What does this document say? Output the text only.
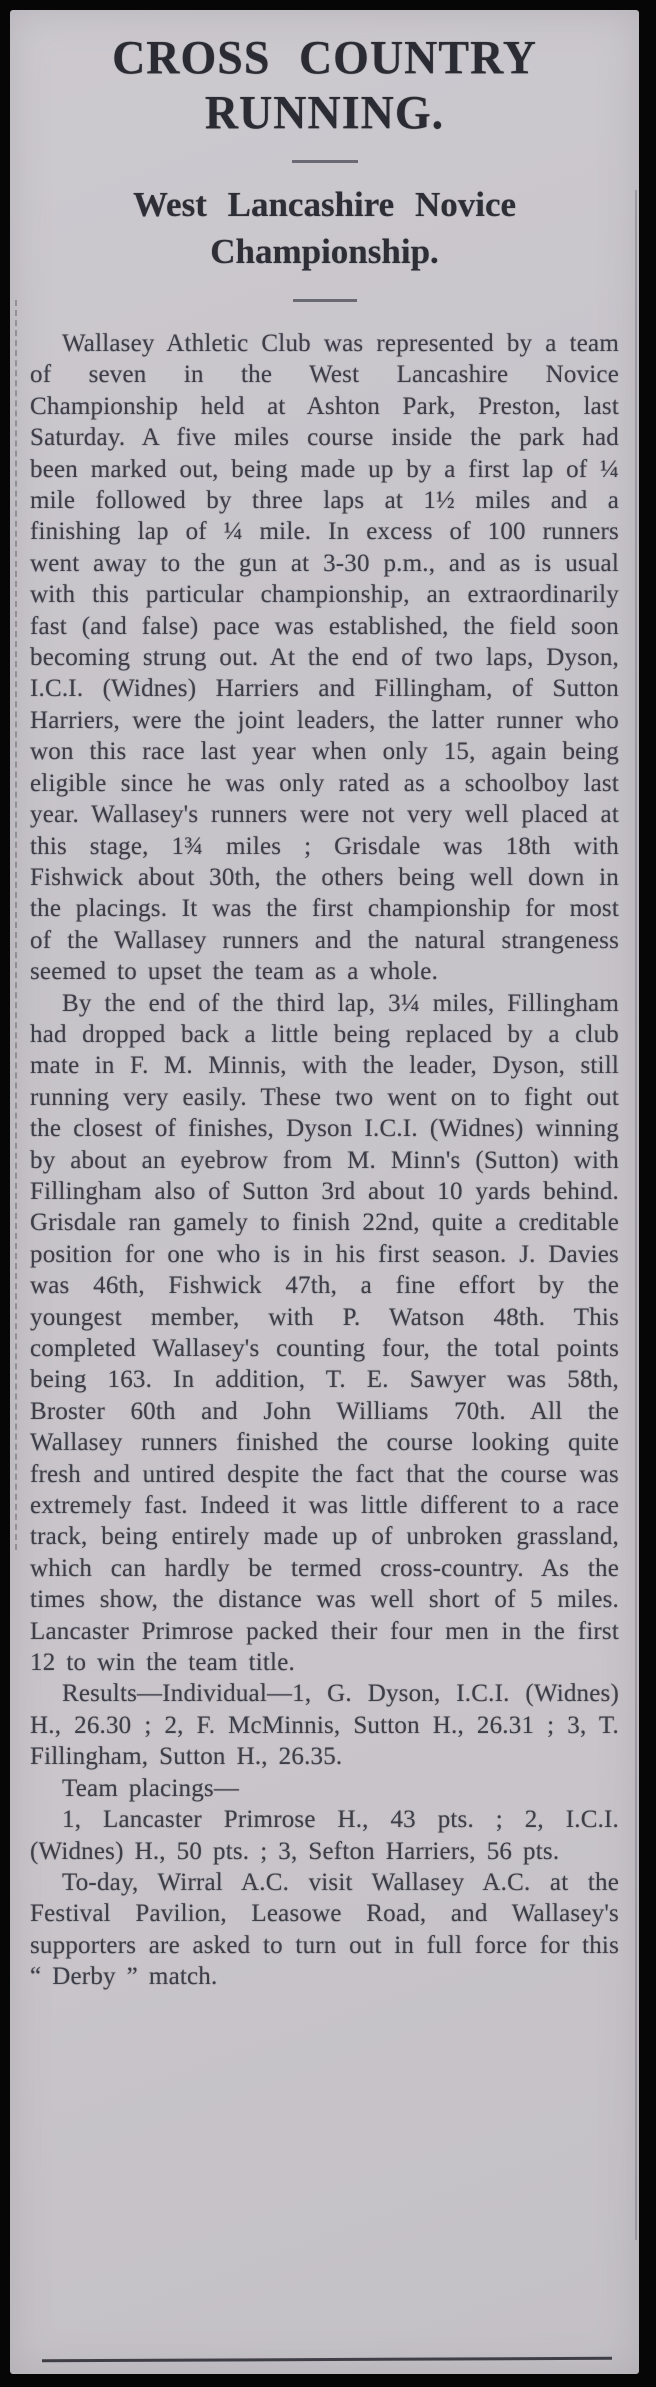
CROSS COUNTRY RUNNING.
West Lancashire Novice Championship.

Wallasey Athletic Club was represented by a team of seven in the West Lancashire Novice Championship held at Ashton Park, Preston, last Saturday. A five miles course inside the park had been marked out, being made up by a first lap of ¼ mile followed by three laps at 1½ miles and a finishing lap of ¼ mile. In excess of 100 runners went away to the gun at 3-30 p.m., and as is usual with this particular championship, an extraordinarily fast (and false) pace was established, the field soon becoming strung out. At the end of two laps, Dyson, I.C.I. (Widnes) Harriers and Fillingham, of Sutton Harriers, were the joint leaders, the latter runner who won this race last year when only 15, again being eligible since he was only rated as a schoolboy last year. Wallasey's runners were not very well placed at this stage, 1¾ miles ; Grisdale was 18th with Fishwick about 30th, the others being well down in the placings. It was the first championship for most of the Wallasey runners and the natural strangeness seemed to upset the team as a whole.

By the end of the third lap, 3¼ miles, Fillingham had dropped back a little being replaced by a club mate in F. M. Minnis, with the leader, Dyson, still running very easily. These two went on to fight out the closest of finishes, Dyson I.C.I. (Widnes) winning by about an eyebrow from M. Minn's (Sutton) with Fillingham also of Sutton 3rd about 10 yards behind. Grisdale ran gamely to finish 22nd, quite a creditable position for one who is in his first season. J. Davies was 46th, Fishwick 47th, a fine effort by the youngest member, with P. Watson 48th. This completed Wallasey's counting four, the total points being 163. In addition, T. E. Sawyer was 58th, Broster 60th and John Williams 70th. All the Wallasey runners finished the course looking quite fresh and untired despite the fact that the course was extremely fast. Indeed it was little different to a race track, being entirely made up of unbroken grassland, which can hardly be termed cross-country. As the times show, the distance was well short of 5 miles. Lancaster Primrose packed their four men in the first 12 to win the team title.

Results—Individual—1, G. Dyson, I.C.I. (Widnes) H., 26.30 ; 2, F. McMinnis, Sutton H., 26.31 ; 3, T. Fillingham, Sutton H., 26.35.

Team placings—

1, Lancaster Primrose H., 43 pts. ; 2, I.C.I. (Widnes) H., 50 pts. ; 3, Sefton Harriers, 56 pts.

To-day, Wirral A.C. visit Wallasey A.C. at the Festival Pavilion, Leasowe Road, and Wallasey's supporters are asked to turn out in full force for this “ Derby ” match.
